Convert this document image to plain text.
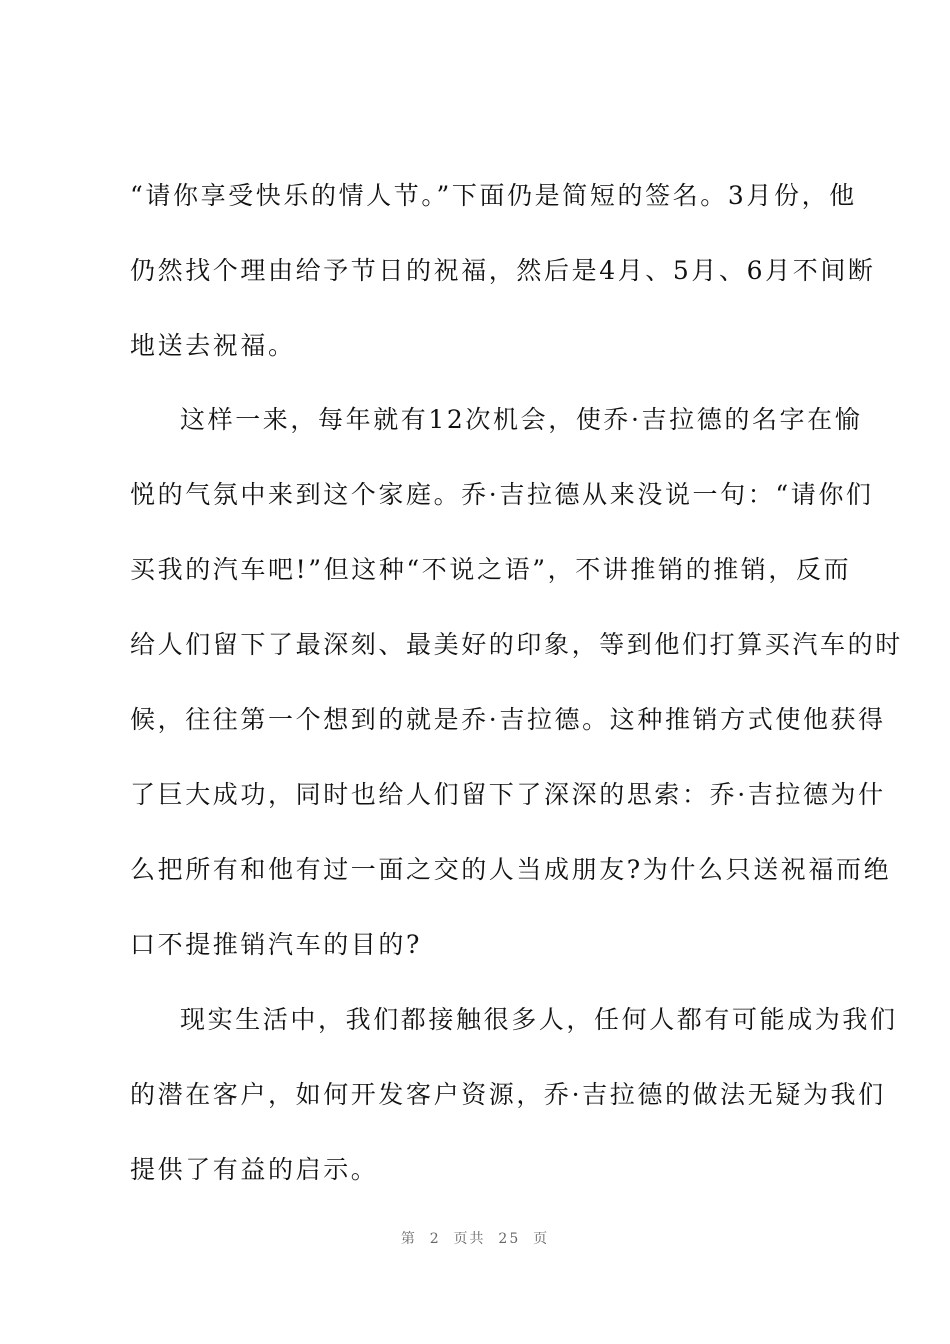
“请你享受快乐的情人节。”下面仍是简短的签名。3月份，他
仍然找个理由给予节日的祝福，然后是4月、5月、6月不间断
地送去祝福。
这样一来，每年就有12次机会，使乔·吉拉德的名字在愉
悦的气氛中来到这个家庭。乔·吉拉德从来没说一句：“请你们
买我的汽车吧!”但这种“不说之语”，不讲推销的推销，反而
给人们留下了最深刻、最美好的印象，等到他们打算买汽车的时
候，往往第一个想到的就是乔·吉拉德。这种推销方式使他获得
了巨大成功，同时也给人们留下了深深的思索：乔·吉拉德为什
么把所有和他有过一面之交的人当成朋友?为什么只送祝福而绝
口不提推销汽车的目的?
现实生活中，我们都接触很多人，任何人都有可能成为我们
的潜在客户，如何开发客户资源，乔·吉拉德的做法无疑为我们
提供了有益的启示。
第  2  页共  25  页
